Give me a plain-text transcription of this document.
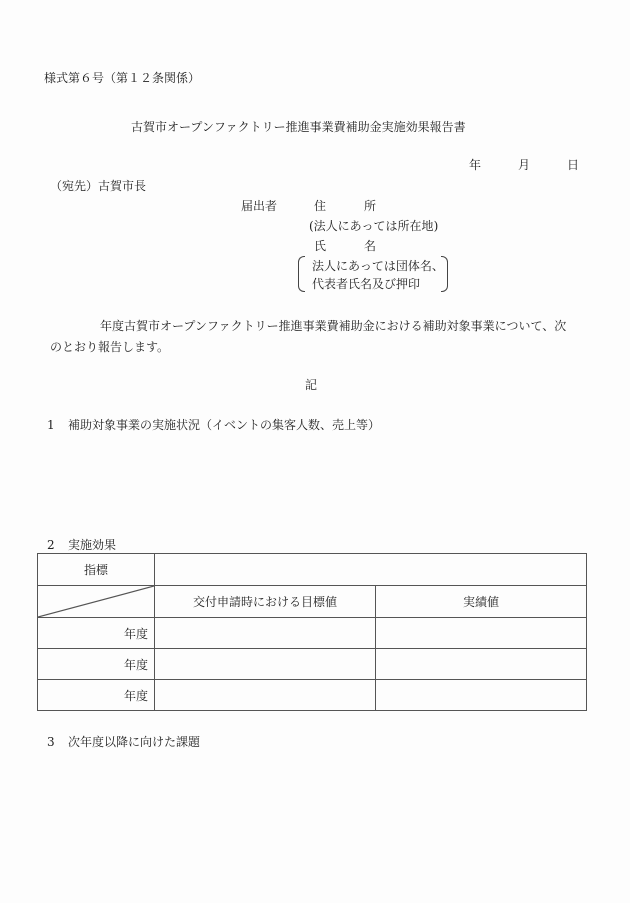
様式第６号（第１２条関係）
古賀市オープンファクトリー推進事業費補助金実施効果報告書
年	月	日
（宛先）古賀市長
届出者	住	所
(法人にあっては所在地)
氏	名
法人にあっては団体名、
代表者氏名及び押印
年度古賀市オープンファクトリー推進事業費補助金における補助対象事業について、次
のとおり報告します。
記
1 補助対象事業の実施状況（イベントの集客人数、売上等）
2 実施効果
指標		

	交付申請時における目標値	実績値
年度		
年度		
年度		
3 次年度以降に向けた課題
